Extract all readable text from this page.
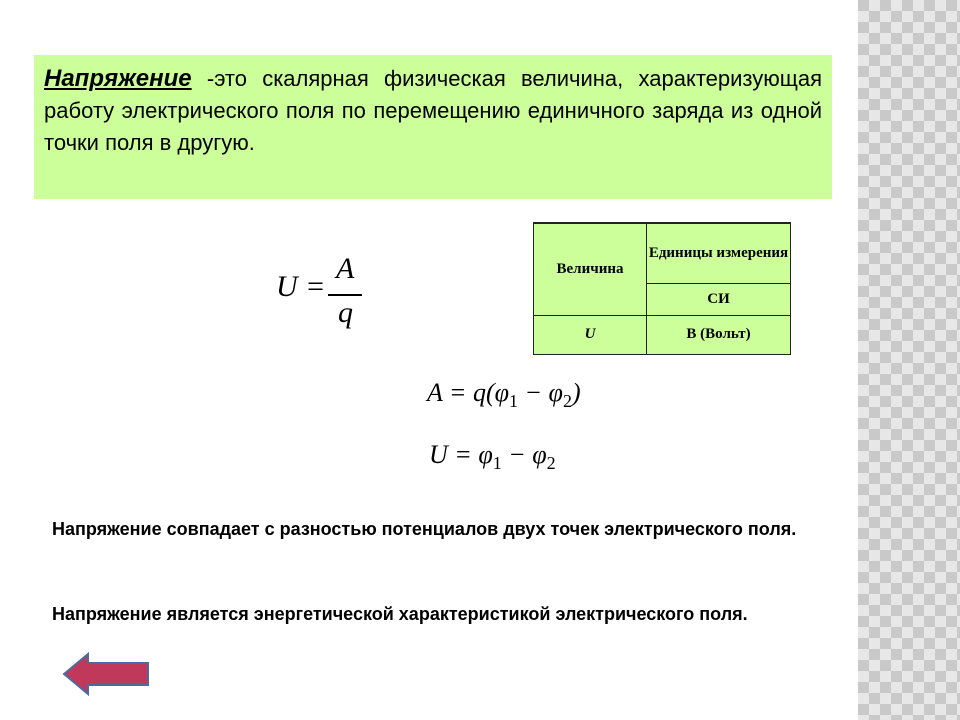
Напряжение -это скалярная физическая величина, характеризующая работу электрического поля по перемещению единичного заряда из одной точки поля в другую.
U =
A
q
Величина	Единицы измерения
	СИ
U	В (Вольт)
$A = q(\varphi_1 - \varphi_2)$
$U = \varphi_1 - \varphi_2$
Напряжение совпадает с разностью потенциалов двух точек электрического поля.
Напряжение является энергетической характеристикой электрического поля.
